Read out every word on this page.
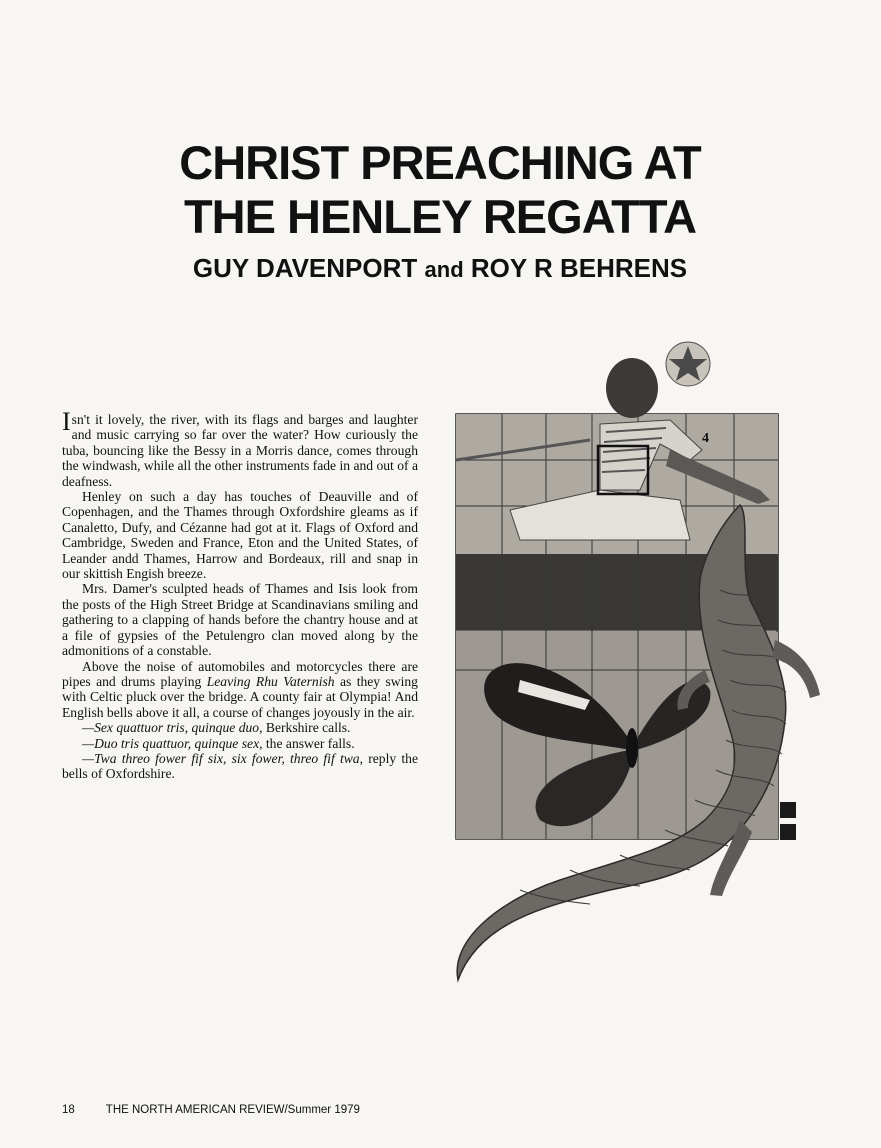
CHRIST PREACHING AT
THE HENLEY REGATTA
GUY DAVENPORT and ROY R BEHRENS

Isn't it lovely, the river, with its flags and barges and laughter and music carrying so far over the water? How curiously the tuba, bouncing like the Bessy in a Morris dance, comes through the windwash, while all the other instruments fade in and out of a deafness.

Henley on such a day has touches of Deauville and of Copenhagen, and the Thames through Oxfordshire gleams as if Canaletto, Dufy, and Cézanne had got at it. Flags of Oxford and Cambridge, Sweden and France, Eton and the United States, of Leander andd Thames, Harrow and Bordeaux, rill and snap in our skittish Engish breeze.

Mrs. Damer's sculpted heads of Thames and Isis look from the posts of the High Street Bridge at Scandinavians smiling and gathering to a clapping of hands before the chantry house and at a file of gypsies of the Petulengro clan moved along by the admonitions of a constable.

Above the noise of automobiles and motorcycles there are pipes and drums playing Leaving Rhu Vaternish as they swing with Celtic pluck over the bridge. A county fair at Olympia! And English bells above it all, a course of changes joyously in the air.

—Sex quattuor tris, quinque duo, Berkshire calls.

—Duo tris quattuor, quinque sex, the answer falls.

—Twa threo fower fif six, six fower, threo fif twa, reply the bells of Oxfordshire.

4
18	THE NORTH AMERICAN REVIEW/Summer 1979
